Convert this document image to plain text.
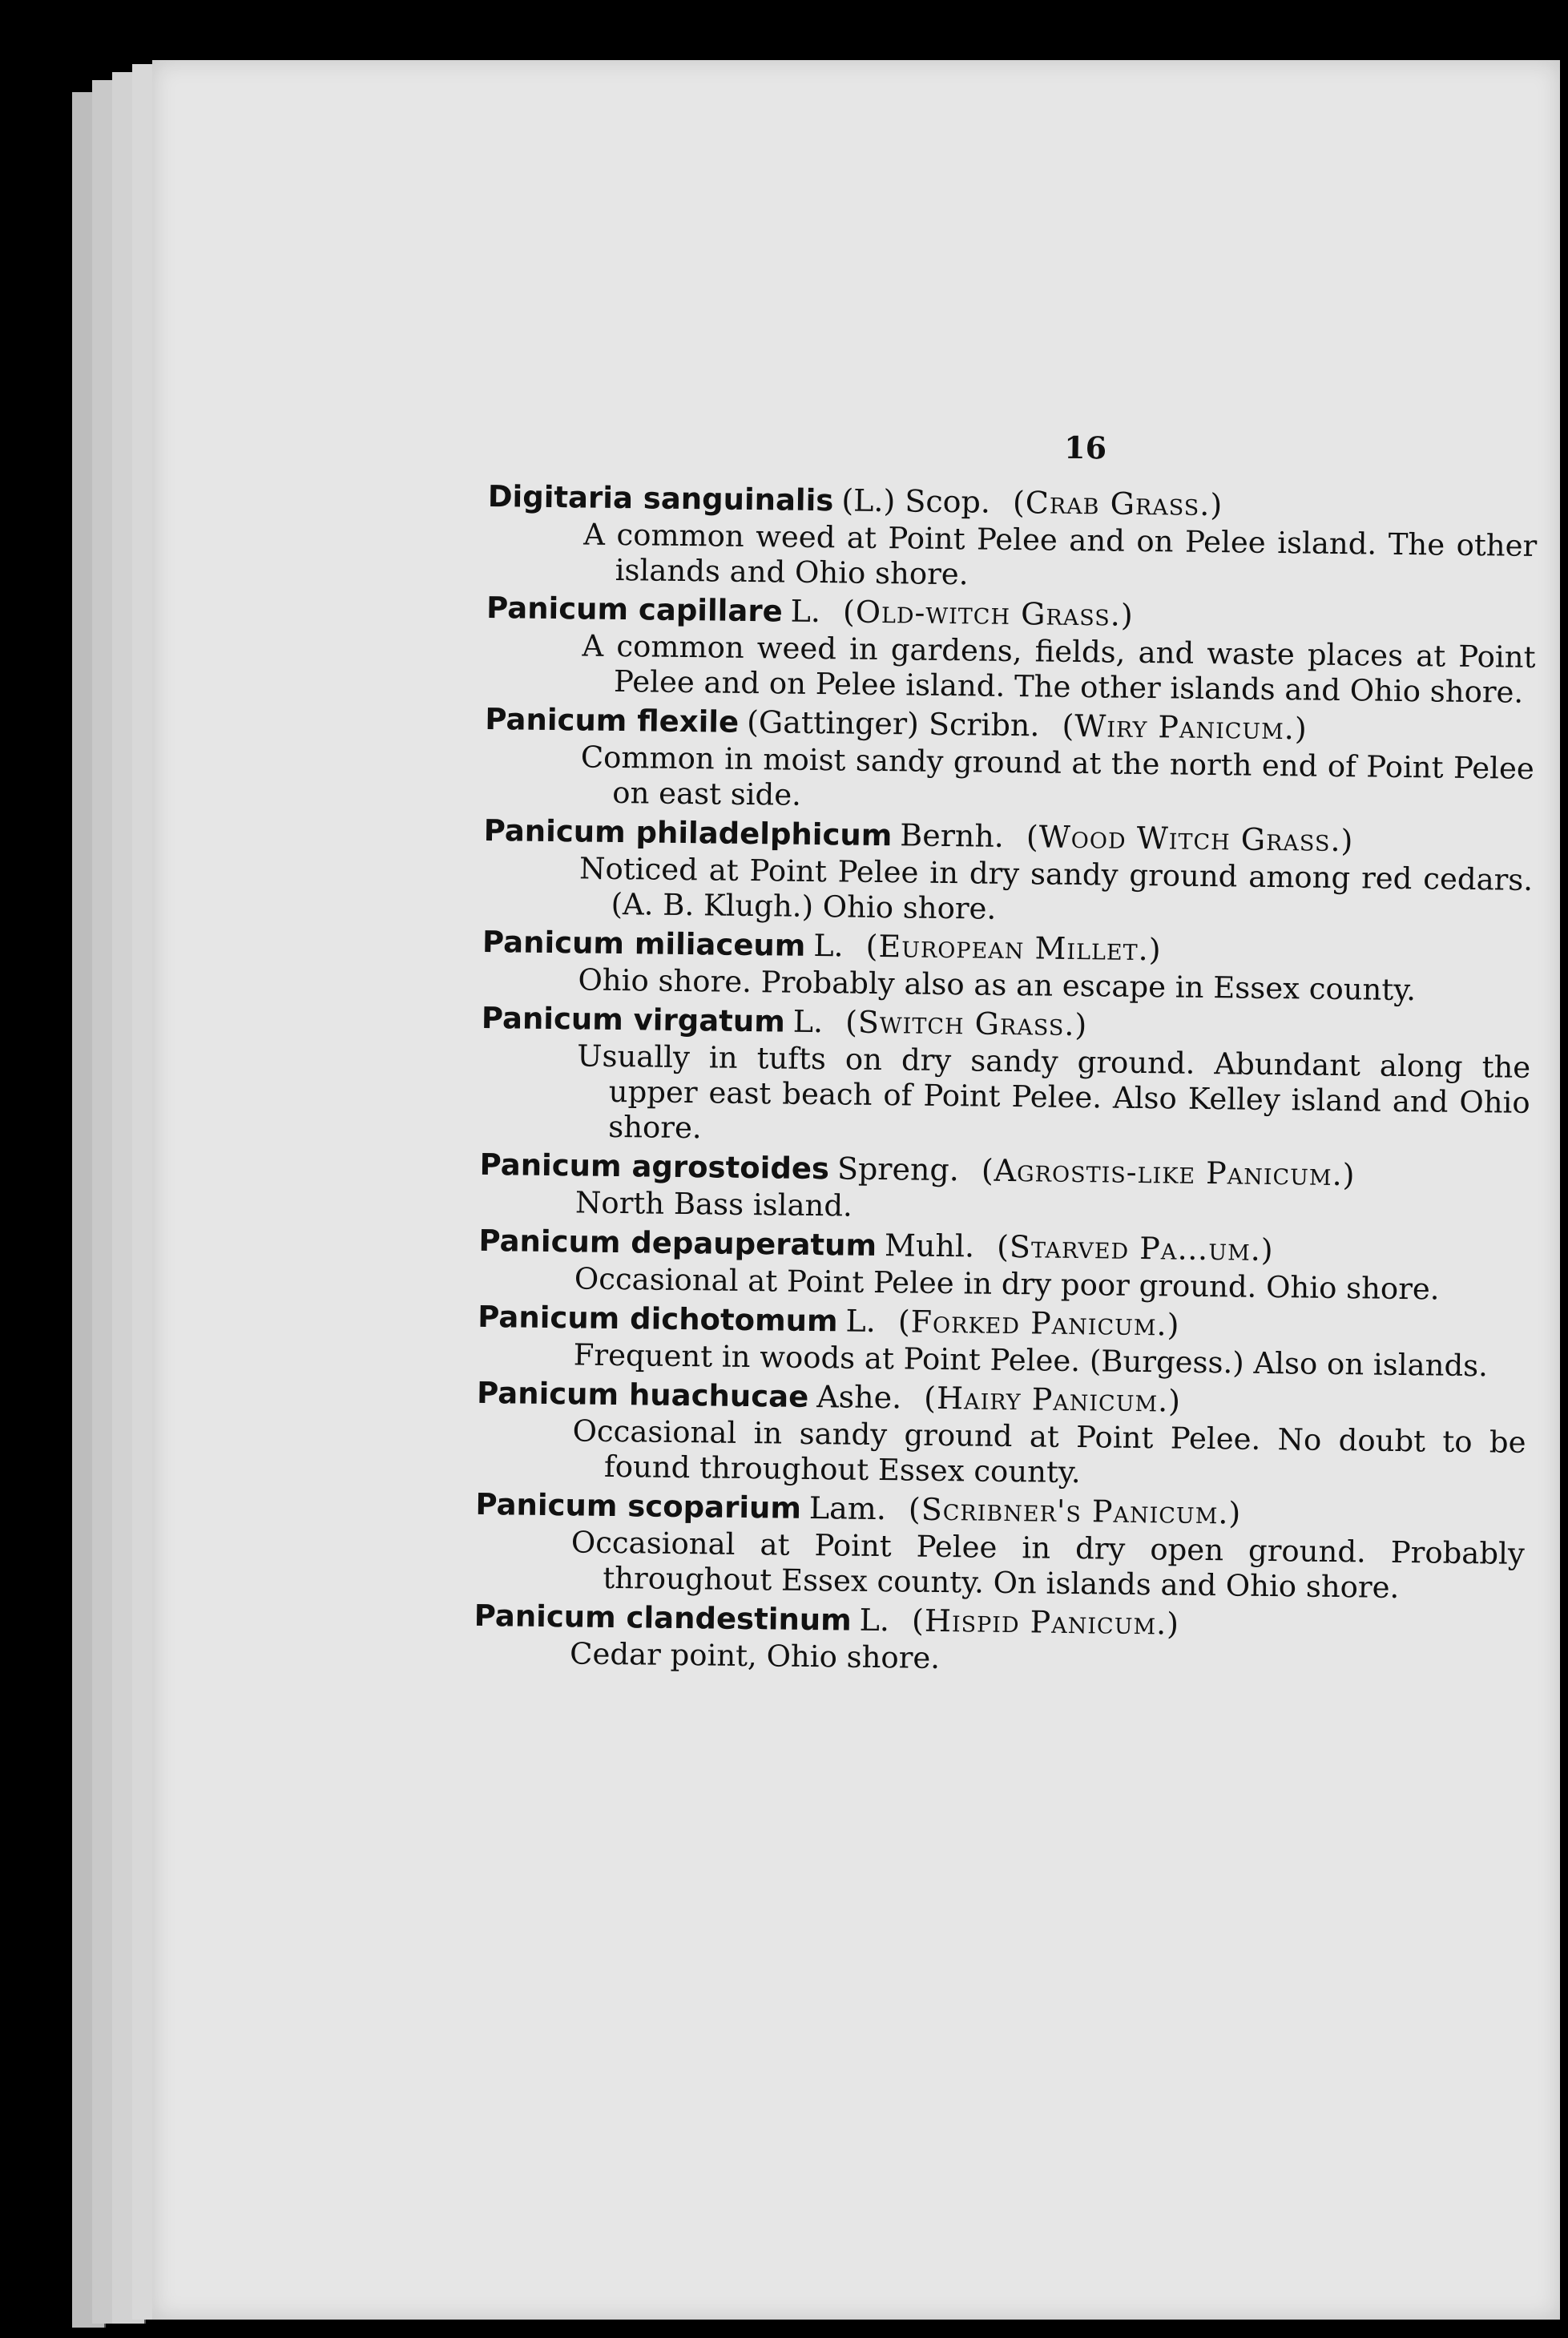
16
Digitaria sanguinalis (L.) Scop. (Crab Grass.)
A common weed at Point Pelee and on Pelee island. The other islands and Ohio shore.
Panicum capillare L. (Old-witch Grass.)
A common weed in gardens, fields, and waste places at Point Pelee and on Pelee island. The other islands and Ohio shore.
Panicum flexile (Gattinger) Scribn. (Wiry Panicum.)
Common in moist sandy ground at the north end of Point Pelee on east side.
Panicum philadelphicum Bernh. (Wood Witch Grass.)
Noticed at Point Pelee in dry sandy ground among red cedars. (A. B. Klugh.) Ohio shore.
Panicum miliaceum L. (European Millet.)
Ohio shore. Probably also as an escape in Essex county.
Panicum virgatum L. (Switch Grass.)
Usually in tufts on dry sandy ground. Abundant along the upper east beach of Point Pelee. Also Kelley island and Ohio shore.
Panicum agrostoides Spreng. (Agrostis-like Panicum.)
North Bass island.
Panicum depauperatum Muhl. (Starved Pa…um.)
Occasional at Point Pelee in dry poor ground. Ohio shore.
Panicum dichotomum L. (Forked Panicum.)
Frequent in woods at Point Pelee. (Burgess.) Also on islands.
Panicum huachucae Ashe. (Hairy Panicum.)
Occasional in sandy ground at Point Pelee. No doubt to be found throughout Essex county.
Panicum scoparium Lam. (Scribner's Panicum.)
Occasional at Point Pelee in dry open ground. Probably throughout Essex county. On islands and Ohio shore.
Panicum clandestinum L. (Hispid Panicum.)
Cedar point, Ohio shore.
